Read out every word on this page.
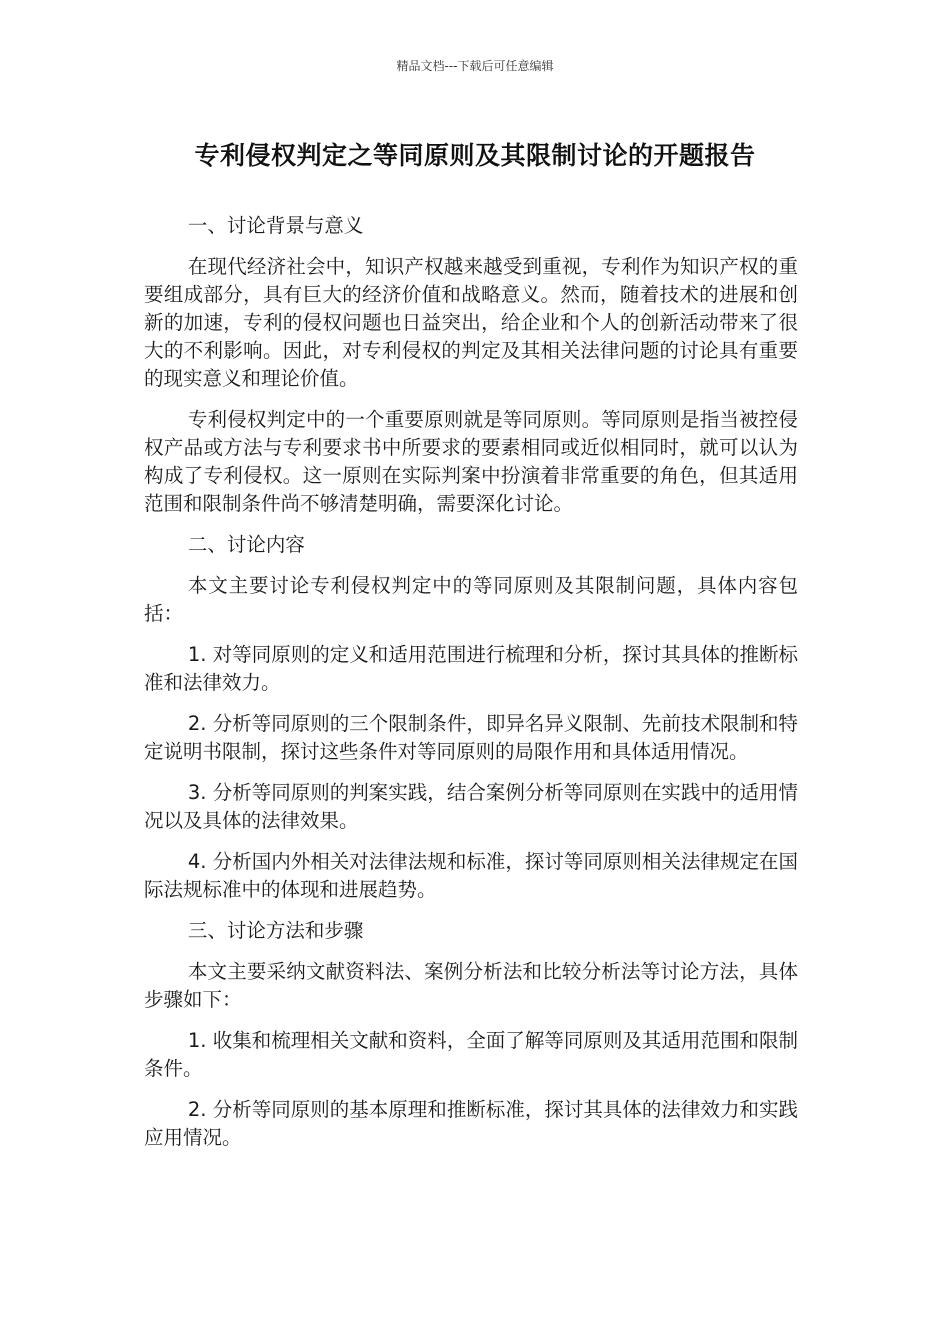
精品文档---下载后可任意编辑
专利侵权判定之等同原则及其限制讨论的开题报告

一、讨论背景与意义

在现代经济社会中，知识产权越来越受到重视，专利作为知识产权的重要组成部分，具有巨大的经济价值和战略意义。然而，随着技术的进展和创新的加速，专利的侵权问题也日益突出，给企业和个人的创新活动带来了很大的不利影响。因此，对专利侵权的判定及其相关法律问题的讨论具有重要的现实意义和理论价值。

专利侵权判定中的一个重要原则就是等同原则。等同原则是指当被控侵权产品或方法与专利要求书中所要求的要素相同或近似相同时，就可以认为构成了专利侵权。这一原则在实际判案中扮演着非常重要的角色，但其适用范围和限制条件尚不够清楚明确，需要深化讨论。

二、讨论内容

本文主要讨论专利侵权判定中的等同原则及其限制问题，具体内容包括：

1. 对等同原则的定义和适用范围进行梳理和分析，探讨其具体的推断标准和法律效力。

2. 分析等同原则的三个限制条件，即异名异义限制、先前技术限制和特定说明书限制，探讨这些条件对等同原则的局限作用和具体适用情况。

3. 分析等同原则的判案实践，结合案例分析等同原则在实践中的适用情况以及具体的法律效果。

4. 分析国内外相关对法律法规和标准，探讨等同原则相关法律规定在国际法规标准中的体现和进展趋势。

三、讨论方法和步骤

本文主要采纳文献资料法、案例分析法和比较分析法等讨论方法，具体步骤如下：

1. 收集和梳理相关文献和资料，全面了解等同原则及其适用范围和限制条件。

2. 分析等同原则的基本原理和推断标准，探讨其具体的法律效力和实践应用情况。
